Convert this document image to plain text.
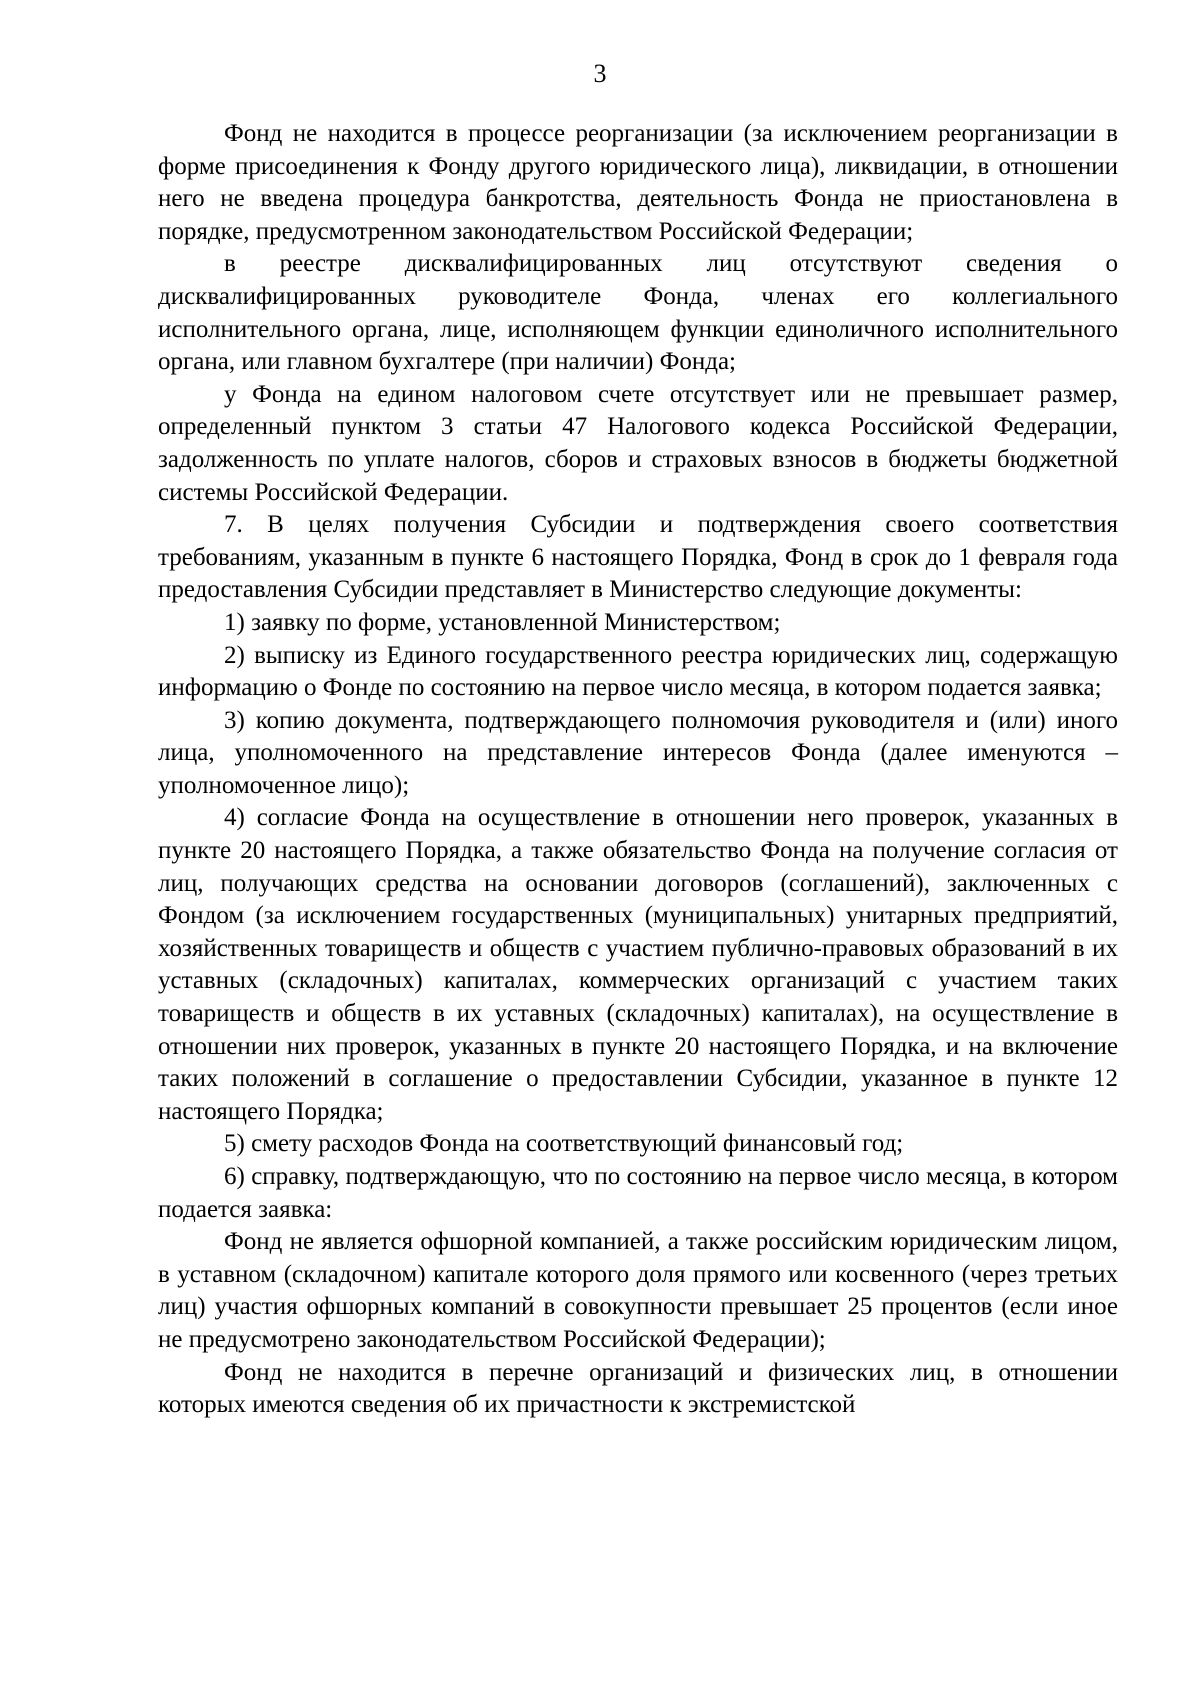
3

Фонд не находится в процессе реорганизации (за исключением реорганизации в форме присоединения к Фонду другого юридического лица), ликвидации, в отношении него не введена процедура банкротства, деятельность Фонда не приостановлена в порядке, предусмотренном законодательством Российской Федерации;

в реестре дисквалифицированных лиц отсутствуют сведения о дисквалифицированных руководителе Фонда, членах его коллегиального исполнительного органа, лице, исполняющем функции единоличного исполнительного органа, или главном бухгалтере (при наличии) Фонда;

у Фонда на едином налоговом счете отсутствует или не превышает размер, определенный пунктом 3 статьи 47 Налогового кодекса Российской Федерации, задолженность по уплате налогов, сборов и страховых взносов в бюджеты бюджетной системы Российской Федерации.

7. В целях получения Субсидии и подтверждения своего соответствия требованиям, указанным в пункте 6 настоящего Порядка, Фонд в срок до 1 февраля года предоставления Субсидии представляет в Министерство следующие документы:

1) заявку по форме, установленной Министерством;

2) выписку из Единого государственного реестра юридических лиц, содержащую информацию о Фонде по состоянию на первое число месяца, в котором подается заявка;

3) копию документа, подтверждающего полномочия руководителя и (или) иного лица, уполномоченного на представление интересов Фонда (далее именуются – уполномоченное лицо);

4) согласие Фонда на осуществление в отношении него проверок, указанных в пункте 20 настоящего Порядка, а также обязательство Фонда на получение согласия от лиц, получающих средства на основании договоров (соглашений), заключенных с Фондом (за исключением государственных (муниципальных) унитарных предприятий, хозяйственных товариществ и обществ с участием публично-правовых образований в их уставных (складочных) капиталах, коммерческих организаций с участием таких товариществ и обществ в их уставных (складочных) капиталах), на осуществление в отношении них проверок, указанных в пункте 20 настоящего Порядка, и на включение таких положений в соглашение о предоставлении Субсидии, указанное в пункте 12 настоящего Порядка;

5) смету расходов Фонда на соответствующий финансовый год;

6) справку, подтверждающую, что по состоянию на первое число месяца, в котором подается заявка:

Фонд не является офшорной компанией, а также российским юридическим лицом, в уставном (складочном) капитале которого доля прямого или косвенного (через третьих лиц) участия офшорных компаний в совокупности превышает 25 процентов (если иное не предусмотрено законодательством Российской Федерации);

Фонд не находится в перечне организаций и физических лиц, в отношении которых имеются сведения об их причастности к экстремистской
